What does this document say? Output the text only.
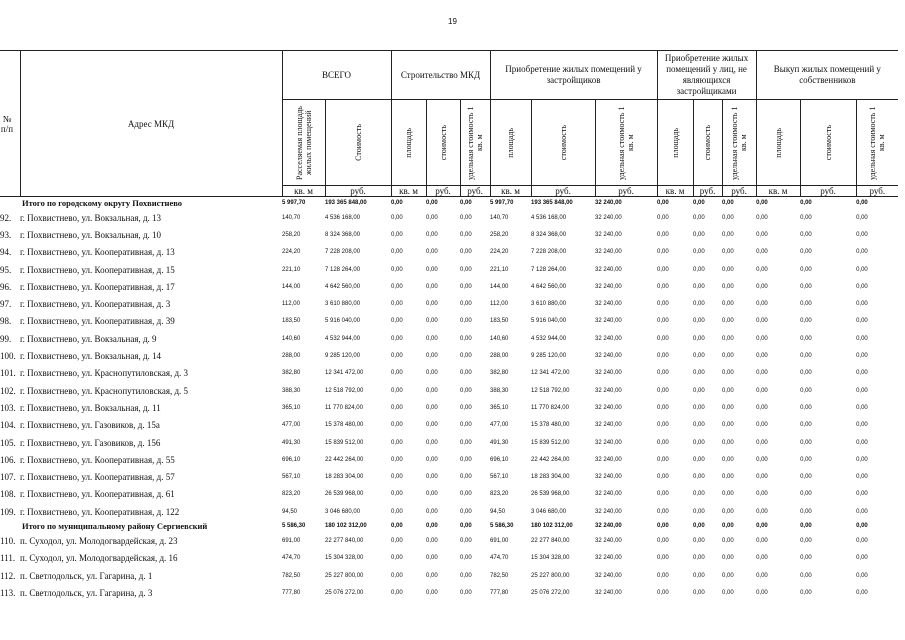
19
№ п/п	Адрес МКД	ВСЕГО		Строительство МКД			Приобретение жилых помещений у застройщиков			Приобретение жилых помещений у лиц, не являющихся застройщиками			Выкуп жилых помещений у собственников		

		Расселяемая площадь жилых помещений	Стоимость	площадь	стоимость	удельная стоимость 1 кв. м	площадь	стоимость	удельная стоимость 1 кв. м	площадь	стоимость	удельная стоимость 1 кв. м	площадь	стоимость	удельная стоимость 1 кв. м

		кв. м	руб.	кв. м	руб.	руб.	кв. м	руб.	руб.	кв. м	руб.	руб.	кв. м	руб.	руб.
Итого по городскому округу Похвистнево		5 997,70	193 365 848,00	0,00	0,00	0,00	5 997,70	193 365 848,00	32 240,00	0,00	0,00	0,00	0,00	0,00	0,00
92.	г. Похвистнево, ул. Вокзальная, д. 13	140,70	4 536 168,00	0,00	0,00	0,00	140,70	4 536 168,00	32 240,00	0,00	0,00	0,00	0,00	0,00	0,00
93.	г. Похвистнево, ул. Вокзальная, д. 10	258,20	8 324 368,00	0,00	0,00	0,00	258,20	8 324 368,00	32 240,00	0,00	0,00	0,00	0,00	0,00	0,00
94.	г. Похвистнево, ул. Кооперативная, д. 13	224,20	7 228 208,00	0,00	0,00	0,00	224,20	7 228 208,00	32 240,00	0,00	0,00	0,00	0,00	0,00	0,00
95.	г. Похвистнево, ул. Кооперативная, д. 15	221,10	7 128 264,00	0,00	0,00	0,00	221,10	7 128 264,00	32 240,00	0,00	0,00	0,00	0,00	0,00	0,00
96.	г. Похвистнево, ул. Кооперативная, д. 17	144,00	4 642 560,00	0,00	0,00	0,00	144,00	4 642 560,00	32 240,00	0,00	0,00	0,00	0,00	0,00	0,00
97.	г. Похвистнево, ул. Кооперативная, д. 3	112,00	3 610 880,00	0,00	0,00	0,00	112,00	3 610 880,00	32 240,00	0,00	0,00	0,00	0,00	0,00	0,00
98.	г. Похвистнево, ул. Кооперативная, д. 39	183,50	5 916 040,00	0,00	0,00	0,00	183,50	5 916 040,00	32 240,00	0,00	0,00	0,00	0,00	0,00	0,00
99.	г. Похвистнево, ул. Вокзальная, д. 9	140,60	4 532 944,00	0,00	0,00	0,00	140,60	4 532 944,00	32 240,00	0,00	0,00	0,00	0,00	0,00	0,00
100.	г. Похвистнево, ул. Вокзальная, д. 14	288,00	9 285 120,00	0,00	0,00	0,00	288,00	9 285 120,00	32 240,00	0,00	0,00	0,00	0,00	0,00	0,00
101.	г. Похвистнево, ул. Краснопутиловская, д. 3	382,80	12 341 472,00	0,00	0,00	0,00	382,80	12 341 472,00	32 240,00	0,00	0,00	0,00	0,00	0,00	0,00
102.	г. Похвистнево, ул. Краснопутиловская, д. 5	388,30	12 518 792,00	0,00	0,00	0,00	388,30	12 518 792,00	32 240,00	0,00	0,00	0,00	0,00	0,00	0,00
103.	г. Похвистнево, ул. Вокзальная, д. 11	365,10	11 770 824,00	0,00	0,00	0,00	365,10	11 770 824,00	32 240,00	0,00	0,00	0,00	0,00	0,00	0,00
104.	г. Похвистнево, ул. Газовиков, д. 15а	477,00	15 378 480,00	0,00	0,00	0,00	477,00	15 378 480,00	32 240,00	0,00	0,00	0,00	0,00	0,00	0,00
105.	г. Похвистнево, ул. Газовиков, д. 156	491,30	15 839 512,00	0,00	0,00	0,00	491,30	15 839 512,00	32 240,00	0,00	0,00	0,00	0,00	0,00	0,00
106.	г. Похвистнево, ул. Кооперативная, д. 55	696,10	22 442 264,00	0,00	0,00	0,00	696,10	22 442 264,00	32 240,00	0,00	0,00	0,00	0,00	0,00	0,00
107.	г. Похвистнево, ул. Кооперативная, д. 57	567,10	18 283 304,00	0,00	0,00	0,00	567,10	18 283 304,00	32 240,00	0,00	0,00	0,00	0,00	0,00	0,00
108.	г. Похвистнево, ул. Кооперативная, д. 61	823,20	26 539 968,00	0,00	0,00	0,00	823,20	26 539 968,00	32 240,00	0,00	0,00	0,00	0,00	0,00	0,00
109.	г. Похвистнево, ул. Кооперативная, д. 122	94,50	3 046 680,00	0,00	0,00	0,00	94,50	3 046 680,00	32 240,00	0,00	0,00	0,00	0,00	0,00	0,00
Итого по муниципальному району Сергиевский		5 586,30	180 102 312,00	0,00	0,00	0,00	5 586,30	180 102 312,00	32 240,00	0,00	0,00	0,00	0,00	0,00	0,00
110.	п. Суходол, ул. Молодогвардейская, д. 23	691,00	22 277 840,00	0,00	0,00	0,00	691,00	22 277 840,00	32 240,00	0,00	0,00	0,00	0,00	0,00	0,00
111.	п. Суходол, ул. Молодогвардейская, д. 16	474,70	15 304 328,00	0,00	0,00	0,00	474,70	15 304 328,00	32 240,00	0,00	0,00	0,00	0,00	0,00	0,00
112.	п. Светлодольск, ул. Гагарина, д. 1	782,50	25 227 800,00	0,00	0,00	0,00	782,50	25 227 800,00	32 240,00	0,00	0,00	0,00	0,00	0,00	0,00
113.	п. Светлодольск, ул. Гагарина, д. 3	777,80	25 076 272,00	0,00	0,00	0,00	777,80	25 076 272,00	32 240,00	0,00	0,00	0,00	0,00	0,00	0,00
